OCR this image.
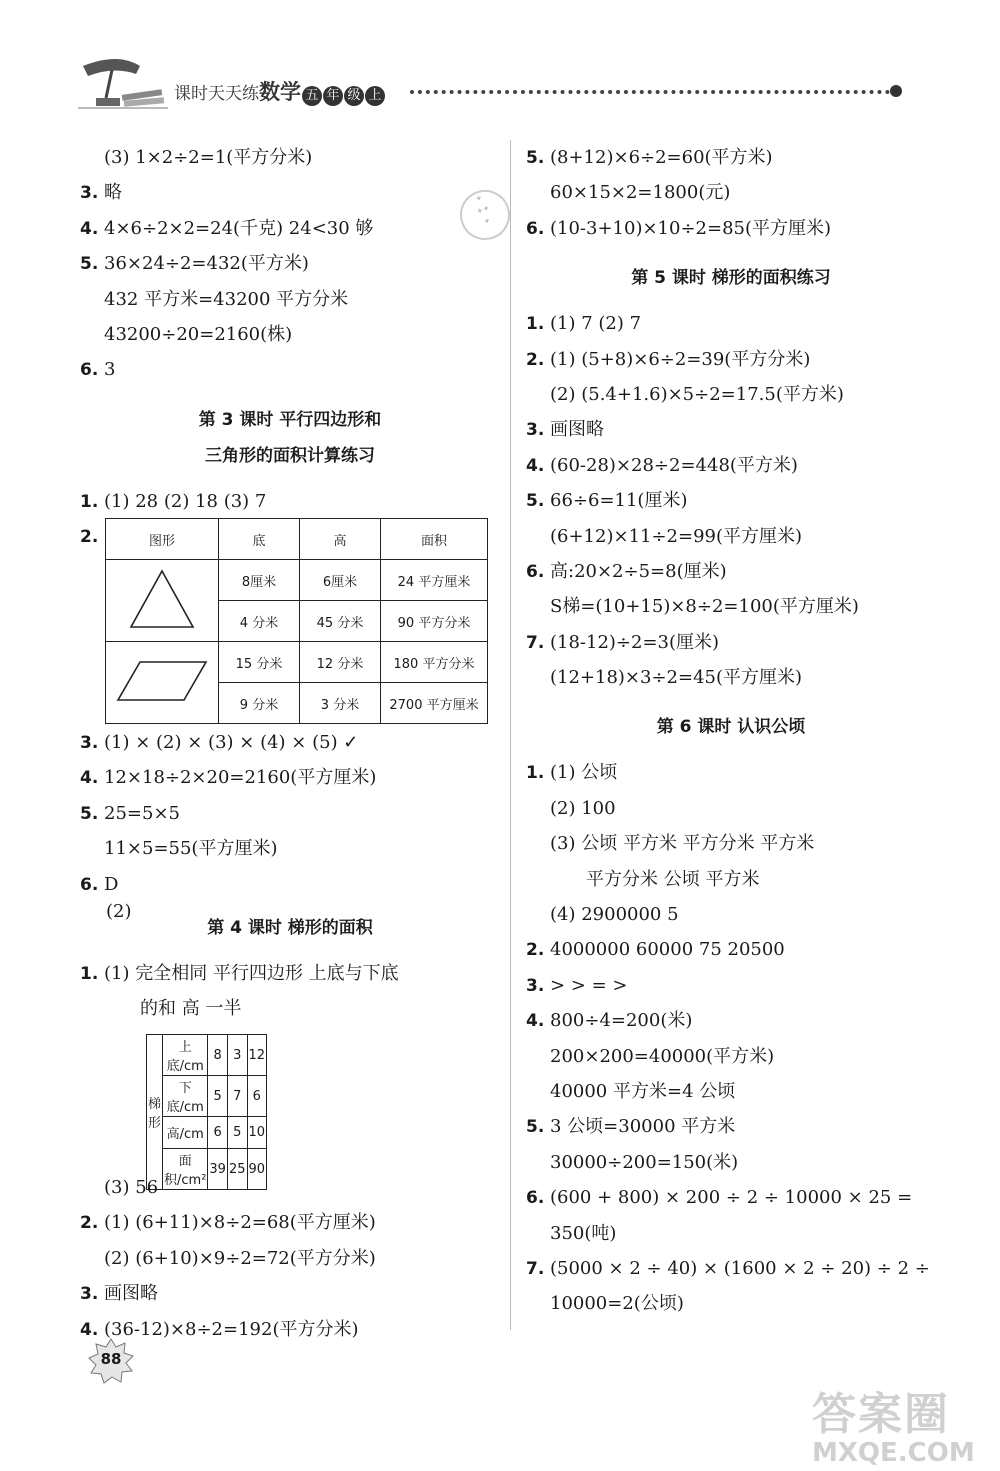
课时天天练数学 五 年 级 上
(3) 1×2÷2=1(平方分米)
3. 略
4. 4×6÷2×2=24(千克) 24<30 够
5. 36×24÷2=432(平方米)
432 平方米=43200 平方分米
43200÷20=2160(株)
6. 3
第 3 课时 平行四边形和
三角形的面积计算练习
1. (1) 28 (2) 18 (3) 7
2.	图形	底	高	面积
	8厘米	6厘米	24 平方厘米
	4 分米	45 分米	90 平方分米
	15 分米	12 分米	180 平方分米
	9 分米	3 分米	2700 平方厘米
3. (1) × (2) × (3) × (4) × (5) ✓
4. 12×18÷2×20=2160(平方厘米)
5. 25=5×5
11×5=55(平方厘米)
6. D
第 4 课时 梯形的面积
1. (1) 完全相同 平行四边形 上底与下底
的和 高 一半
(2)
梯形	上底/cm	8	3	12
	下底/cm	5	7	6
	高/cm	6	5	10
	面积/cm²	39	25	90
(3) 56
2. (1) (6+11)×8÷2=68(平方厘米)
(2) (6+10)×9÷2=72(平方分米)
3. 画图略
4. (36-12)×8÷2=192(平方分米)
5. (8+12)×6÷2=60(平方米)
60×15×2=1800(元)
6. (10-3+10)×10÷2=85(平方厘米)
第 5 课时 梯形的面积练习
1. (1) 7 (2) 7
2. (1) (5+8)×6÷2=39(平方分米)
(2) (5.4+1.6)×5÷2=17.5(平方米)
3. 画图略
4. (60-28)×28÷2=448(平方米)
5. 66÷6=11(厘米)
(6+12)×11÷2=99(平方厘米)
6. 高:20×2÷5=8(厘米)
S梯=(10+15)×8÷2=100(平方厘米)
7. (18-12)÷2=3(厘米)
(12+18)×3÷2=45(平方厘米)
第 6 课时 认识公顷
1. (1) 公顷
(2) 100
(3) 公顷 平方米 平方分米 平方米
平方分米 公顷 平方米
(4) 2900000 5
2. 4000000 60000 75 20500
3. > > = >
4. 800÷4=200(米)
200×200=40000(平方米)
40000 平方米=4 公顷
5. 3 公顷=30000 平方米
30000÷200=150(米)
6. (600 + 800) × 200 ÷ 2 ÷ 10000 × 25 =
350(吨)
7. (5000 × 2 ÷ 40) × (1600 × 2 ÷ 20) ÷ 2 ÷
10000=2(公顷)
✦
✦✦
✦
88
答案圈
MXQE.COM
